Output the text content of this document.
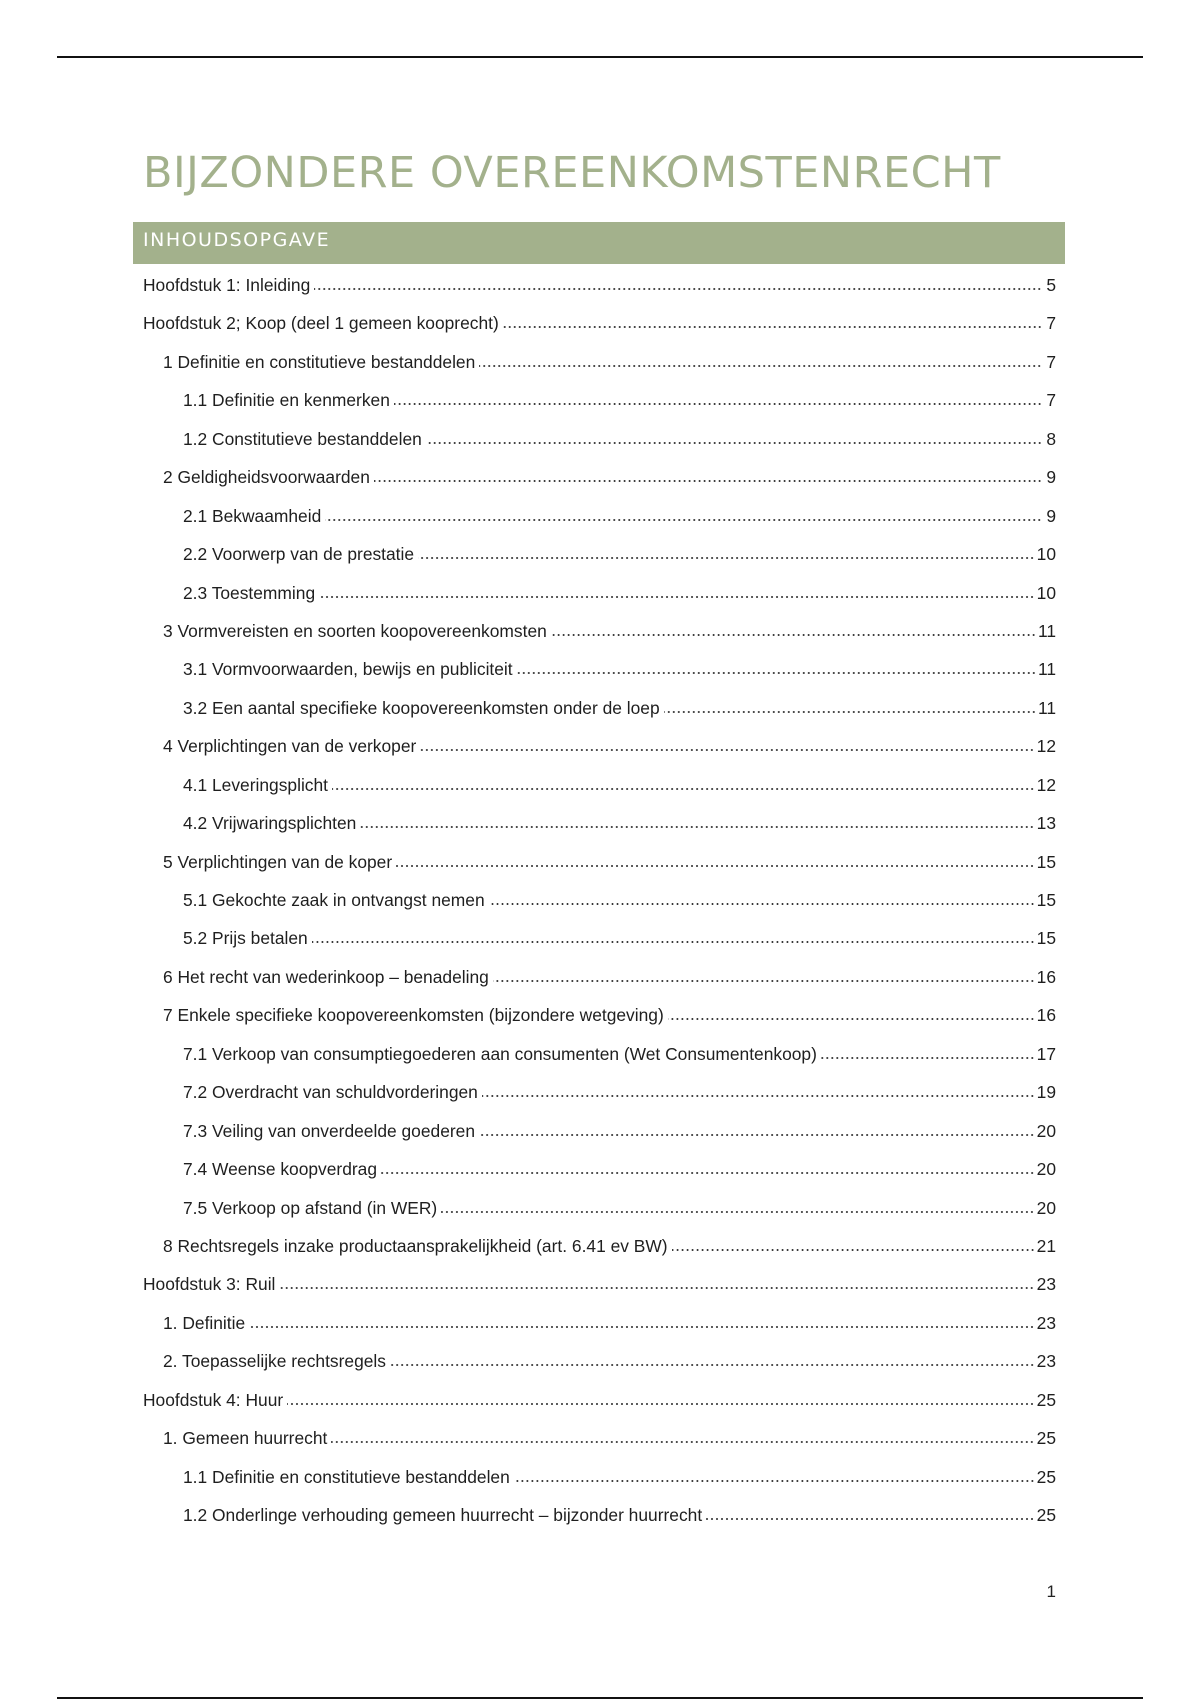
BIJZONDERE OVEREENKOMSTENRECHT
INHOUDSOPGAVE
Hoofdstuk 1: Inleiding	5
Hoofdstuk 2; Koop (deel 1 gemeen kooprecht)	7
1 Definitie en constitutieve bestanddelen	7
1.1 Definitie en kenmerken	7
1.2 Constitutieve bestanddelen	8
2 Geldigheidsvoorwaarden	9
2.1 Bekwaamheid	9
2.2 Voorwerp van de prestatie	10
2.3 Toestemming	10
3 Vormvereisten en soorten koopovereenkomsten	11
3.1 Vormvoorwaarden, bewijs en publiciteit	11
3.2 Een aantal specifieke koopovereenkomsten onder de loep	11
4 Verplichtingen van de verkoper	12
4.1 Leveringsplicht	12
4.2 Vrijwaringsplichten	13
5 Verplichtingen van de koper	15
5.1 Gekochte zaak in ontvangst nemen	15
5.2 Prijs betalen	15
6 Het recht van wederinkoop – benadeling	16
7 Enkele specifieke koopovereenkomsten (bijzondere wetgeving)	16
7.1 Verkoop van consumptiegoederen aan consumenten (Wet Consumentenkoop)	17
7.2 Overdracht van schuldvorderingen	19
7.3 Veiling van onverdeelde goederen	20
7.4 Weense koopverdrag	20
7.5 Verkoop op afstand (in WER)	20
8 Rechtsregels inzake productaansprakelijkheid (art. 6.41 ev BW)	21
Hoofdstuk 3: Ruil	23
1. Definitie	23
2. Toepasselijke rechtsregels	23
Hoofdstuk 4: Huur	25
1. Gemeen huurrecht	25
1.1 Definitie en constitutieve bestanddelen	25
1.2 Onderlinge verhouding gemeen huurrecht – bijzonder huurrecht	25
1
